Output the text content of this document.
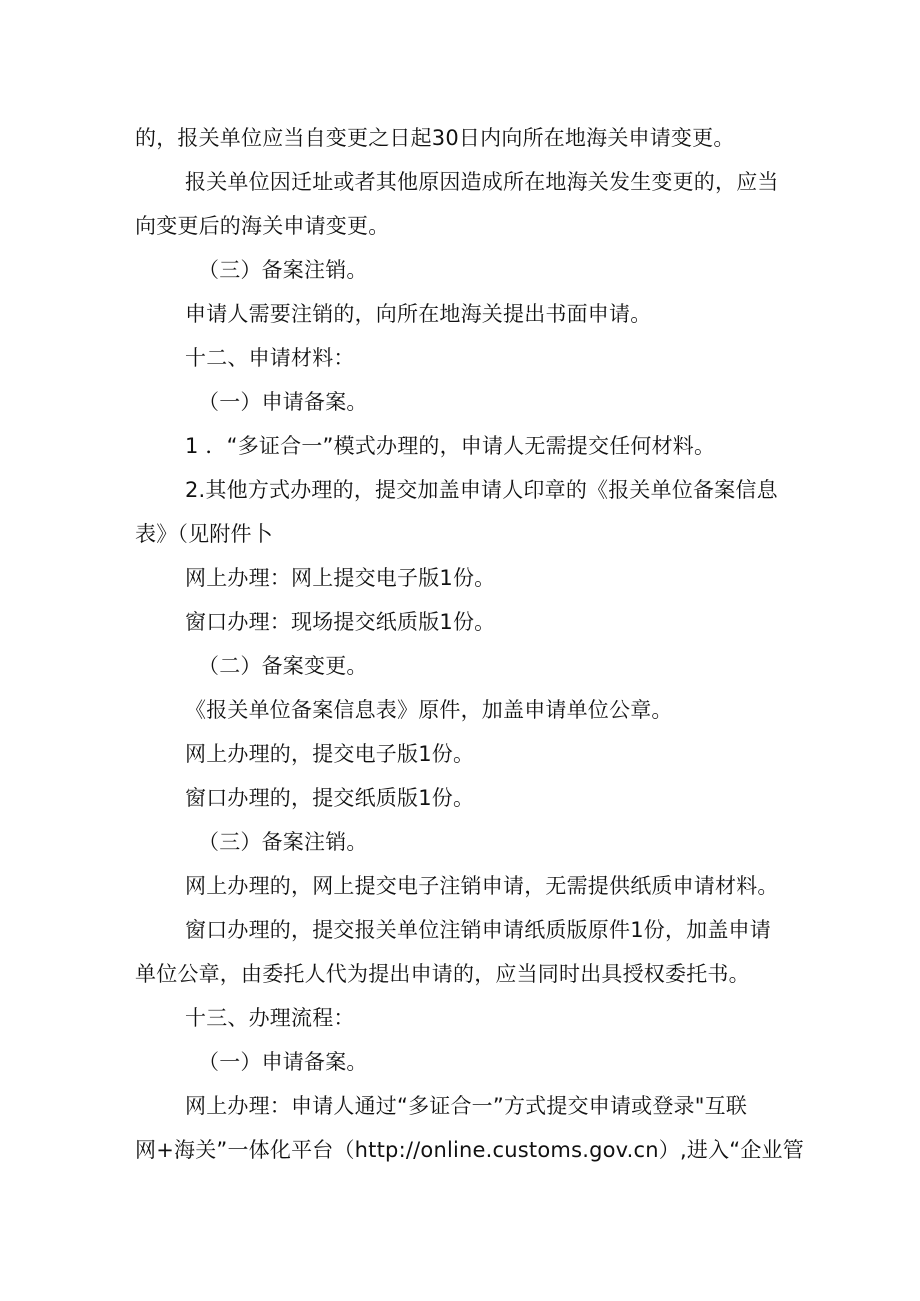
的，报关单位应当自变更之日起30日内向所在地海关申请变更。
报关单位因迁址或者其他原因造成所在地海关发生变更的，应当
向变更后的海关申请变更。
（三）备案注销。
申请人需要注销的，向所在地海关提出书面申请。
十二、申请材料：
（一）申请备案。
1 ．“多证合一”模式办理的，申请人无需提交任何材料。
2.其他方式办理的，提交加盖申请人印章的《报关单位备案信息
表》（见附件卜
网上办理：网上提交电子版1份。
窗口办理：现场提交纸质版1份。
（二）备案变更。
《报关单位备案信息表》原件，加盖申请单位公章。
网上办理的，提交电子版1份。
窗口办理的，提交纸质版1份。
（三）备案注销。
网上办理的，网上提交电子注销申请，无需提供纸质申请材料。
窗口办理的，提交报关单位注销申请纸质版原件1份，加盖申请
单位公章，由委托人代为提出申请的，应当同时出具授权委托书。
十三、办理流程：
（一）申请备案。
网上办理：申请人通过“多证合一”方式提交申请或登录"互联
网+海关”一体化平台（http://online.customs.gov.cn）,进入“企业管
